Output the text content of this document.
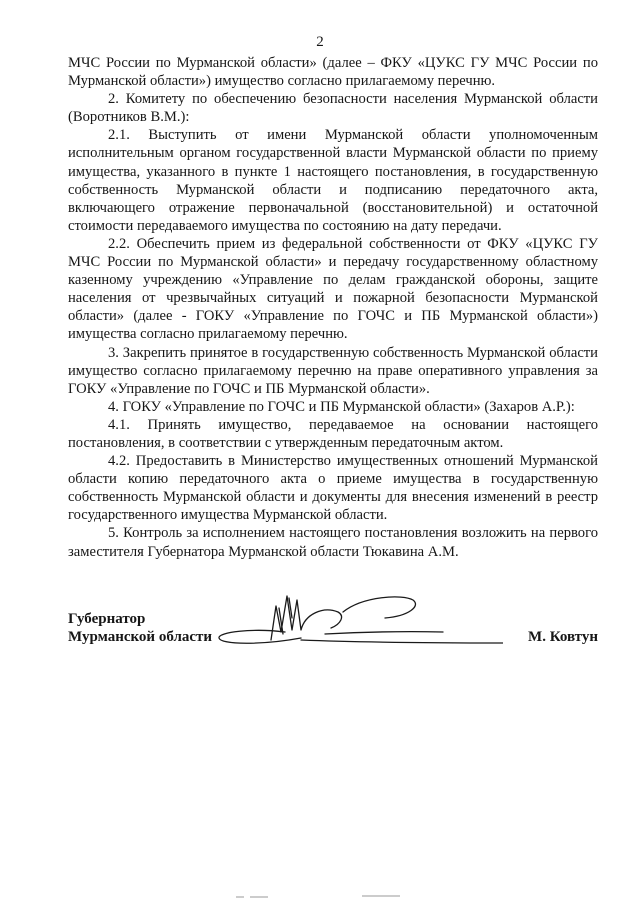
2

МЧС России по Мурманской области» (далее – ФКУ «ЦУКС ГУ МЧС России по Мурманской области») имущество согласно прилагаемому перечню.

2. Комитету по обеспечению безопасности населения Мурманской области (Воротников В.М.):

2.1. Выступить от имени Мурманской области уполномоченным исполнительным органом государственной власти Мурманской области по приему имущества, указанного в пункте 1 настоящего постановления, в государственную собственность Мурманской области и подписанию передаточного акта, включающего отражение первоначальной (восстановительной) и остаточной стоимости передаваемого имущества по состоянию на дату передачи.

2.2. Обеспечить прием из федеральной собственности от ФКУ «ЦУКС ГУ МЧС России по Мурманской области» и передачу государственному областному казенному учреждению «Управление по делам гражданской обороны, защите населения от чрезвычайных ситуаций и пожарной безопасности Мурманской области» (далее - ГОКУ «Управление по ГОЧС и ПБ Мурманской области») имущества согласно прилагаемому перечню.

3. Закрепить принятое в государственную собственность Мурманской области имущество согласно прилагаемому перечню на праве оперативного управления за ГОКУ «Управление по ГОЧС и ПБ Мурманской области».

4. ГОКУ «Управление по ГОЧС и ПБ Мурманской области» (Захаров А.Р.):

4.1. Принять имущество, передаваемое на основании настоящего постановления, в соответствии с утвержденным передаточным актом.

4.2. Предоставить в Министерство имущественных отношений Мурманской области копию передаточного акта о приеме имущества в государственную собственность Мурманской области и документы для внесения изменений в реестр государственного имущества Мурманской области.

5. Контроль за исполнением настоящего постановления возложить на первого заместителя Губернатора Мурманской области Тюкавина А.М.

Губернатор
Мурманской области	М. Ковтун
